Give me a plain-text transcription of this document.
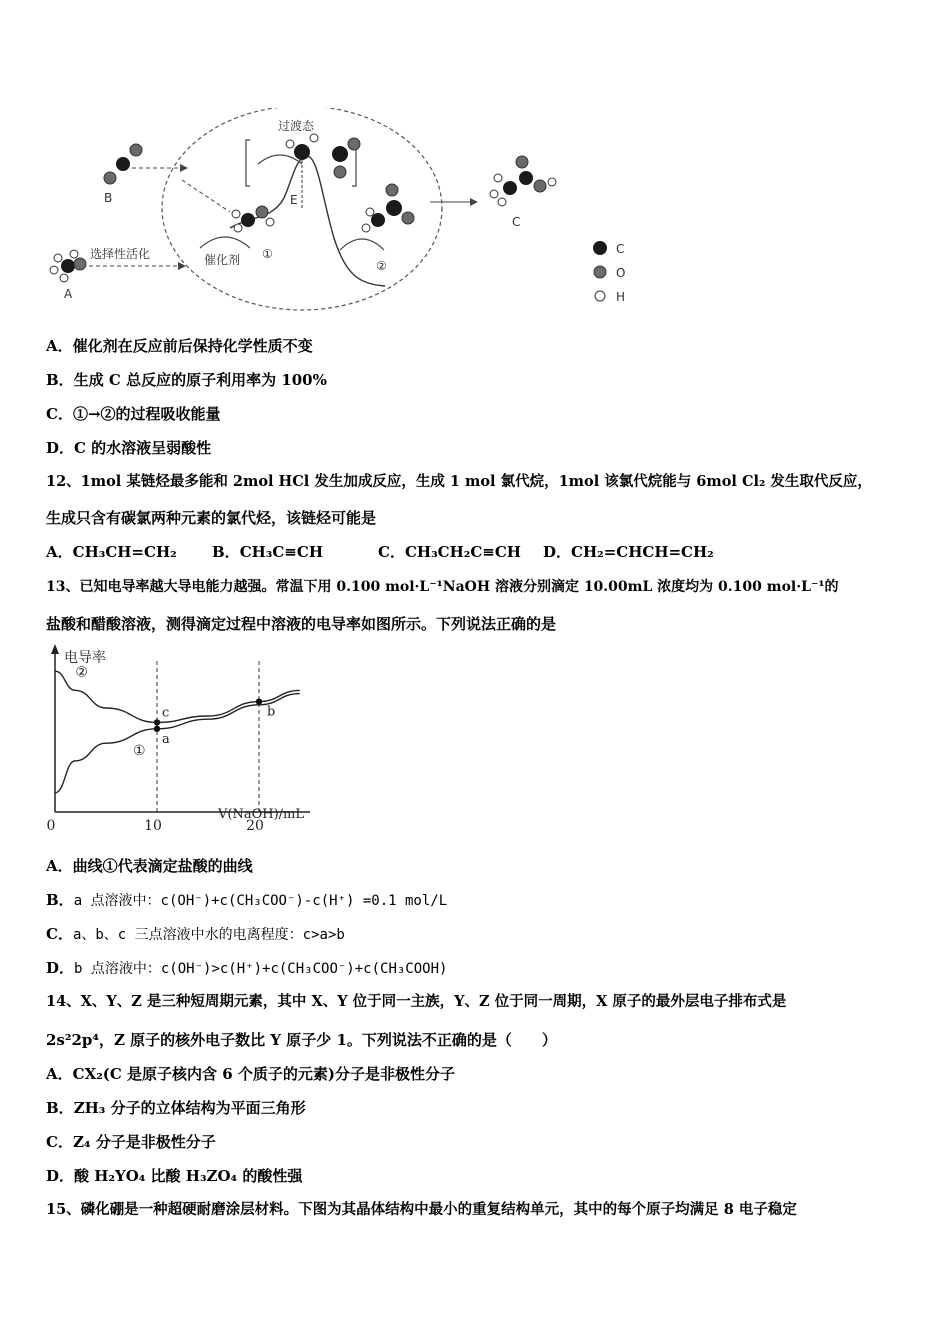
A
B
C
选择性活化
过渡态
催化剂
E
①
②
C
O
H
A．催化剂在反应前后保持化学性质不变
B．生成 C 总反应的原子利用率为 100%
C．①→②的过程吸收能量
D．C 的水溶液呈弱酸性
12、1mol 某链烃最多能和 2mol HCl 发生加成反应，生成 1 mol 氯代烷，1mol 该氯代烷能与 6mol Cl₂ 发生取代反应，
生成只含有碳氯两种元素的氯代烃，该链烃可能是
A．CH₃CH=CH₂ B．CH₃C≡CH	C．CH₃CH₂C≡CH D．CH₂=CHCH=CH₂
13、已知电导率越大导电能力越强。常温下用 0.100 mol·L⁻¹NaOH 溶液分别滴定 10.00mL 浓度均为 0.100 mol·L⁻¹的
盐酸和醋酸溶液，测得滴定过程中溶液的电导率如图所示。下列说法正确的是
0	10	20
①
②
a
c	b
电导率
V(NaOH)/mL
A．曲线①代表滴定盐酸的曲线
B．a 点溶液中：c(OH⁻)+c(CH₃COO⁻)-c(H⁺) =0.1 mol/L
C．a、b、c 三点溶液中水的电离程度：c>a>b
D．b 点溶液中：c(OH⁻)>c(H⁺)+c(CH₃COO⁻)+c(CH₃COOH)
14、X、Y、Z 是三种短周期元素，其中 X、Y 位于同一主族，Y、Z 位于同一周期，X 原子的最外层电子排布式是
2s²2p⁴，Z 原子的核外电子数比 Y 原子少 1。下列说法不正确的是（　　）
A．CX₂(C 是原子核内含 6 个质子的元素)分子是非极性分子
B．ZH₃ 分子的立体结构为平面三角形
C．Z₄ 分子是非极性分子
D．酸 H₂YO₄ 比酸 H₃ZO₄ 的酸性强
15、磷化硼是一种超硬耐磨涂层材料。下图为其晶体结构中最小的重复结构单元，其中的每个原子均满足 8 电子稳定
